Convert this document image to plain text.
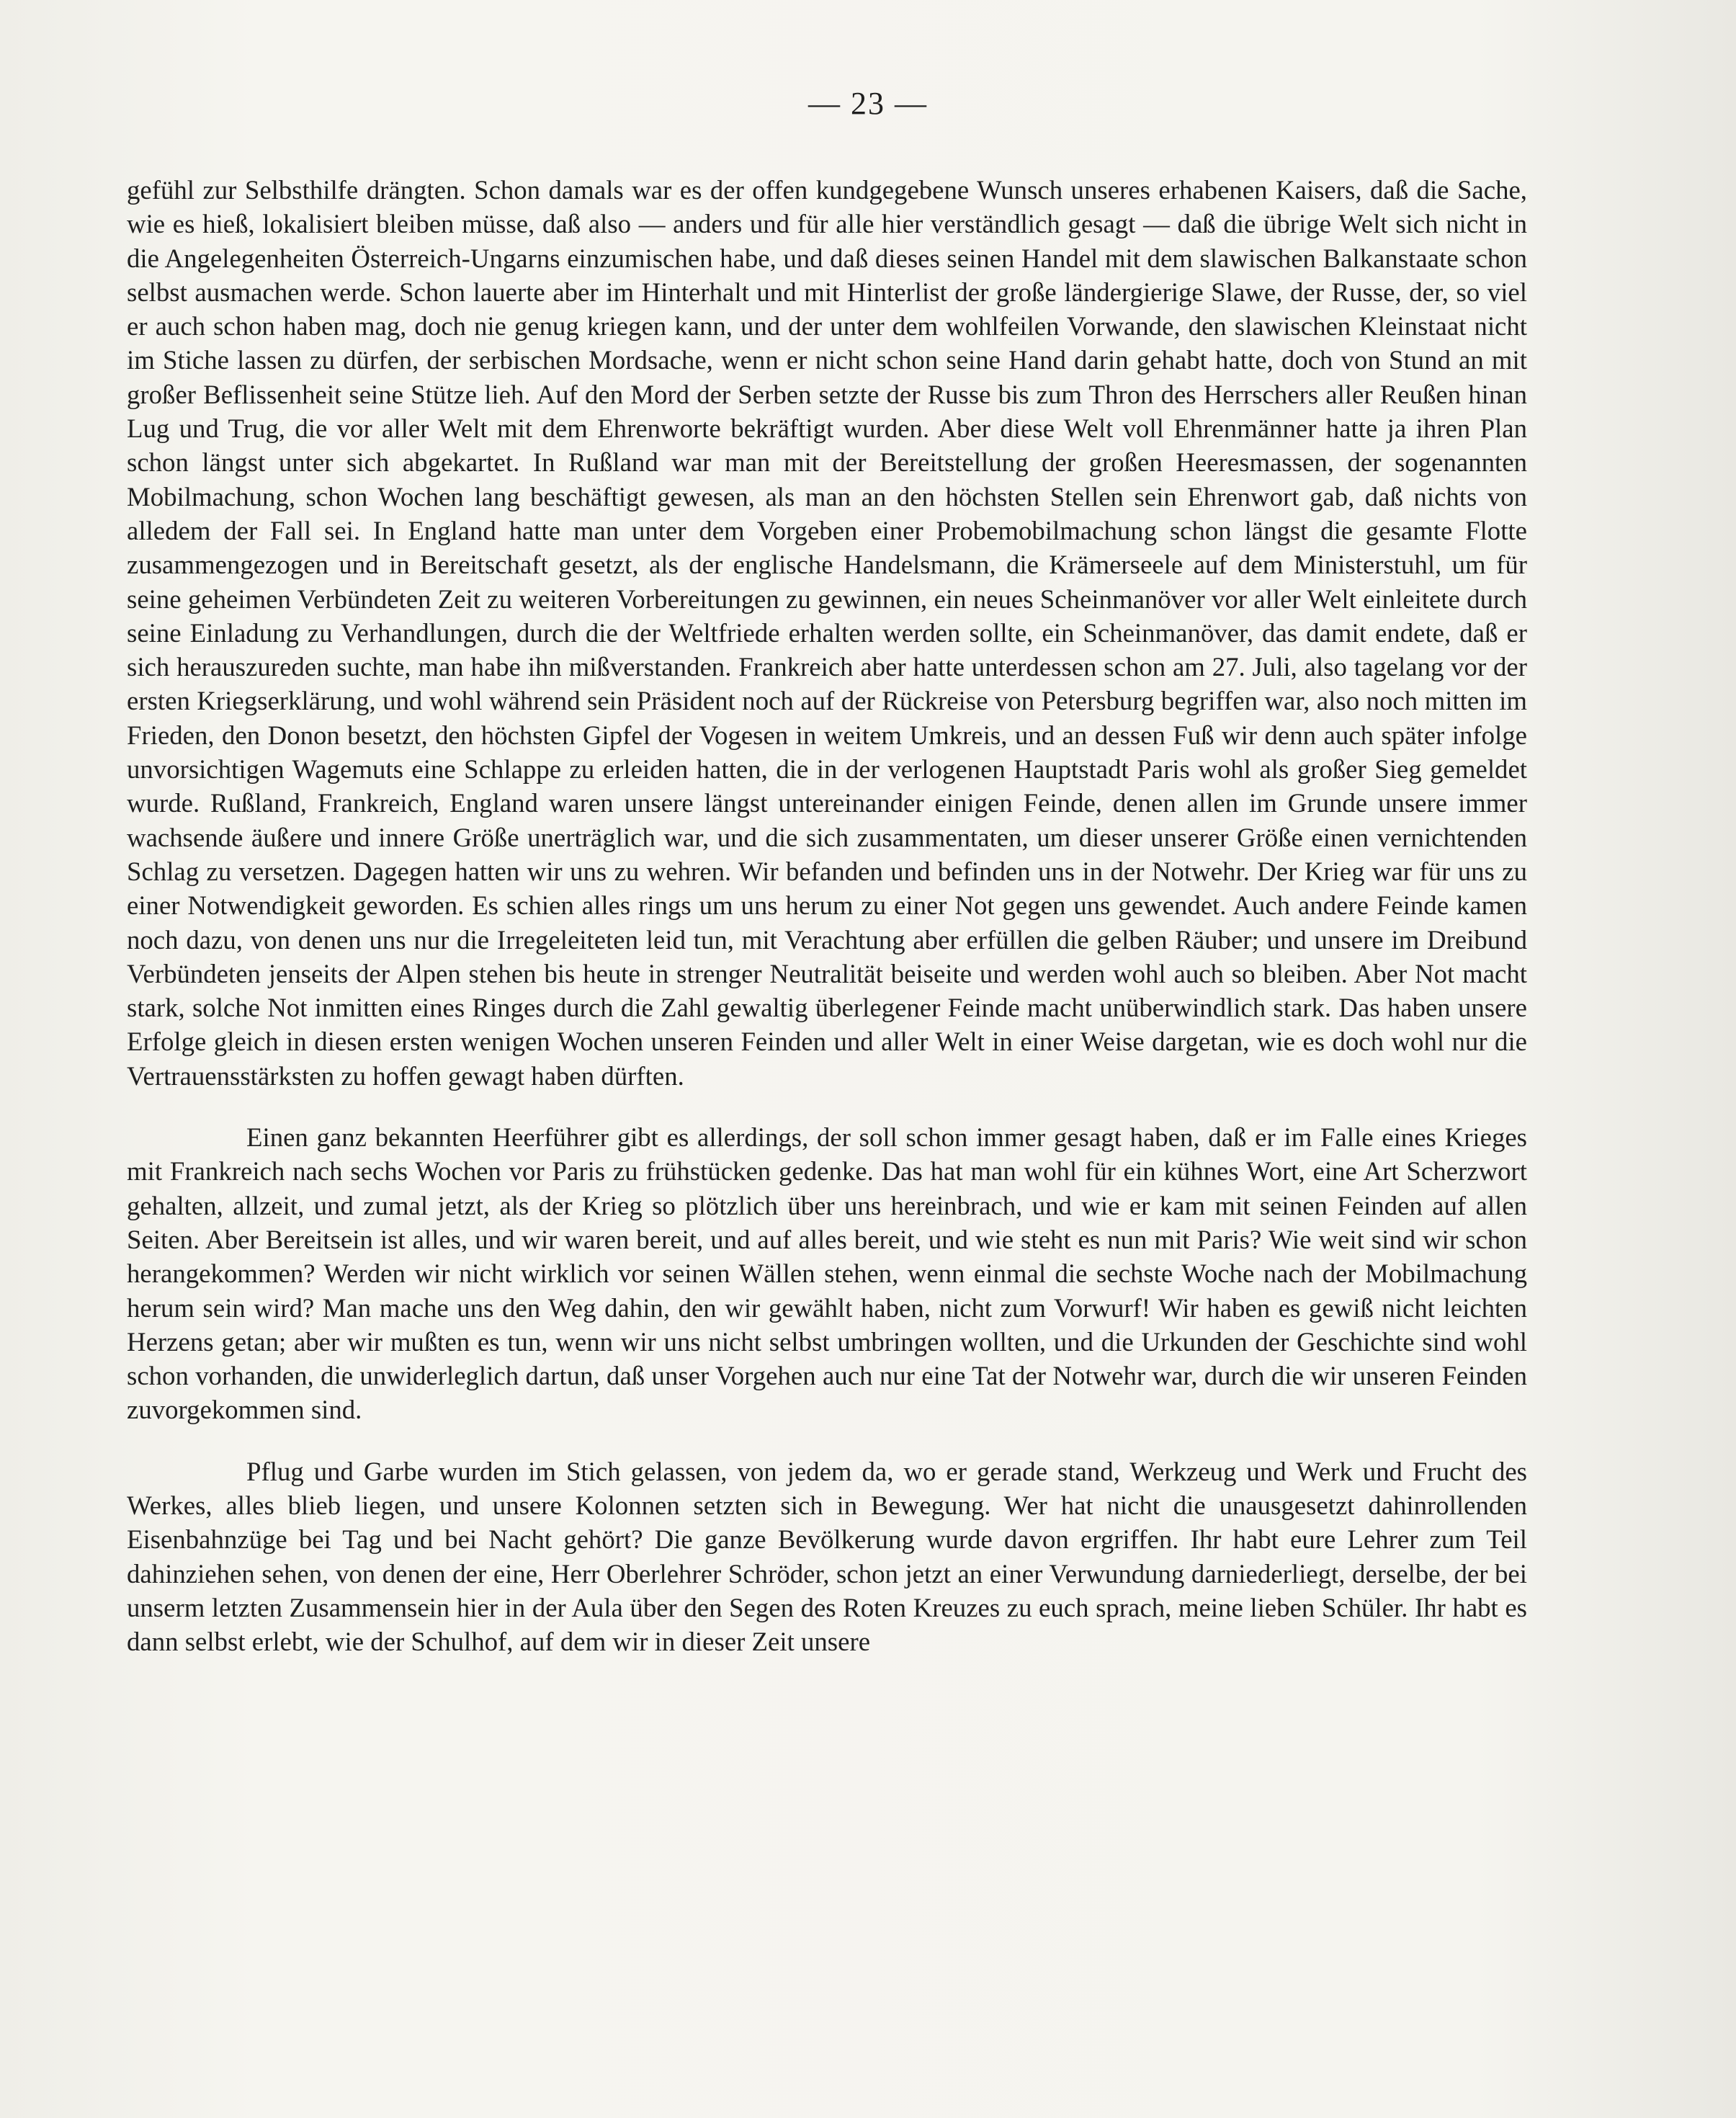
— 23 —

gefühl zur Selbsthilfe drängten. Schon damals war es der offen kundgegebene Wunsch unseres erhabenen Kaisers, daß die Sache, wie es hieß, lokalisiert bleiben müsse, daß also — anders und für alle hier verständlich gesagt — daß die übrige Welt sich nicht in die Angelegenheiten Österreich-Ungarns einzumischen habe, und daß dieses seinen Handel mit dem slawischen Balkanstaate schon selbst ausmachen werde. Schon lauerte aber im Hinterhalt und mit Hinterlist der große ländergierige Slawe, der Russe, der, so viel er auch schon haben mag, doch nie genug kriegen kann, und der unter dem wohlfeilen Vorwande, den slawischen Kleinstaat nicht im Stiche lassen zu dürfen, der serbischen Mordsache, wenn er nicht schon seine Hand darin gehabt hatte, doch von Stund an mit großer Beflissenheit seine Stütze lieh. Auf den Mord der Serben setzte der Russe bis zum Thron des Herrschers aller Reußen hinan Lug und Trug, die vor aller Welt mit dem Ehrenworte bekräftigt wurden. Aber diese Welt voll Ehrenmänner hatte ja ihren Plan schon längst unter sich abgekartet. In Rußland war man mit der Bereitstellung der großen Heeresmassen, der sogenannten Mobilmachung, schon Wochen lang beschäftigt gewesen, als man an den höchsten Stellen sein Ehrenwort gab, daß nichts von alledem der Fall sei. In England hatte man unter dem Vorgeben einer Probemobilmachung schon längst die gesamte Flotte zusammengezogen und in Bereitschaft gesetzt, als der englische Handelsmann, die Krämerseele auf dem Ministerstuhl, um für seine geheimen Verbündeten Zeit zu weiteren Vorbereitungen zu gewinnen, ein neues Scheinmanöver vor aller Welt einleitete durch seine Einladung zu Verhandlungen, durch die der Weltfriede erhalten werden sollte, ein Scheinmanöver, das damit endete, daß er sich herauszureden suchte, man habe ihn mißverstanden. Frankreich aber hatte unterdessen schon am 27. Juli, also tagelang vor der ersten Kriegserklärung, und wohl während sein Präsident noch auf der Rückreise von Petersburg begriffen war, also noch mitten im Frieden, den Donon besetzt, den höchsten Gipfel der Vogesen in weitem Umkreis, und an dessen Fuß wir denn auch später infolge unvorsichtigen Wagemuts eine Schlappe zu erleiden hatten, die in der verlogenen Hauptstadt Paris wohl als großer Sieg gemeldet wurde. Rußland, Frankreich, England waren unsere längst untereinander einigen Feinde, denen allen im Grunde unsere immer wachsende äußere und innere Größe unerträglich war, und die sich zusammentaten, um dieser unserer Größe einen vernichtenden Schlag zu versetzen. Dagegen hatten wir uns zu wehren. Wir befanden und befinden uns in der Notwehr. Der Krieg war für uns zu einer Notwendigkeit geworden. Es schien alles rings um uns herum zu einer Not gegen uns gewendet. Auch andere Feinde kamen noch dazu, von denen uns nur die Irregeleiteten leid tun, mit Verachtung aber erfüllen die gelben Räuber; und unsere im Dreibund Verbündeten jenseits der Alpen stehen bis heute in strenger Neutralität beiseite und werden wohl auch so bleiben. Aber Not macht stark, solche Not inmitten eines Ringes durch die Zahl gewaltig überlegener Feinde macht unüberwindlich stark. Das haben unsere Erfolge gleich in diesen ersten wenigen Wochen unseren Feinden und aller Welt in einer Weise dargetan, wie es doch wohl nur die Vertrauensstärksten zu hoffen gewagt haben dürften.

Einen ganz bekannten Heerführer gibt es allerdings, der soll schon immer gesagt haben, daß er im Falle eines Krieges mit Frankreich nach sechs Wochen vor Paris zu frühstücken gedenke. Das hat man wohl für ein kühnes Wort, eine Art Scherzwort gehalten, allzeit, und zumal jetzt, als der Krieg so plötzlich über uns hereinbrach, und wie er kam mit seinen Feinden auf allen Seiten. Aber Bereitsein ist alles, und wir waren bereit, und auf alles bereit, und wie steht es nun mit Paris? Wie weit sind wir schon herangekommen? Werden wir nicht wirklich vor seinen Wällen stehen, wenn einmal die sechste Woche nach der Mobilmachung herum sein wird? Man mache uns den Weg dahin, den wir gewählt haben, nicht zum Vorwurf! Wir haben es gewiß nicht leichten Herzens getan; aber wir mußten es tun, wenn wir uns nicht selbst umbringen wollten, und die Urkunden der Geschichte sind wohl schon vorhanden, die unwiderleglich dartun, daß unser Vorgehen auch nur eine Tat der Notwehr war, durch die wir unseren Feinden zuvorgekommen sind.

Pflug und Garbe wurden im Stich gelassen, von jedem da, wo er gerade stand, Werkzeug und Werk und Frucht des Werkes, alles blieb liegen, und unsere Kolonnen setzten sich in Bewegung. Wer hat nicht die unausgesetzt dahinrollenden Eisenbahnzüge bei Tag und bei Nacht gehört? Die ganze Bevölkerung wurde davon ergriffen. Ihr habt eure Lehrer zum Teil dahinziehen sehen, von denen der eine, Herr Oberlehrer Schröder, schon jetzt an einer Verwundung darniederliegt, derselbe, der bei unserm letzten Zusammensein hier in der Aula über den Segen des Roten Kreuzes zu euch sprach, meine lieben Schüler. Ihr habt es dann selbst erlebt, wie der Schulhof, auf dem wir in dieser Zeit unsere
